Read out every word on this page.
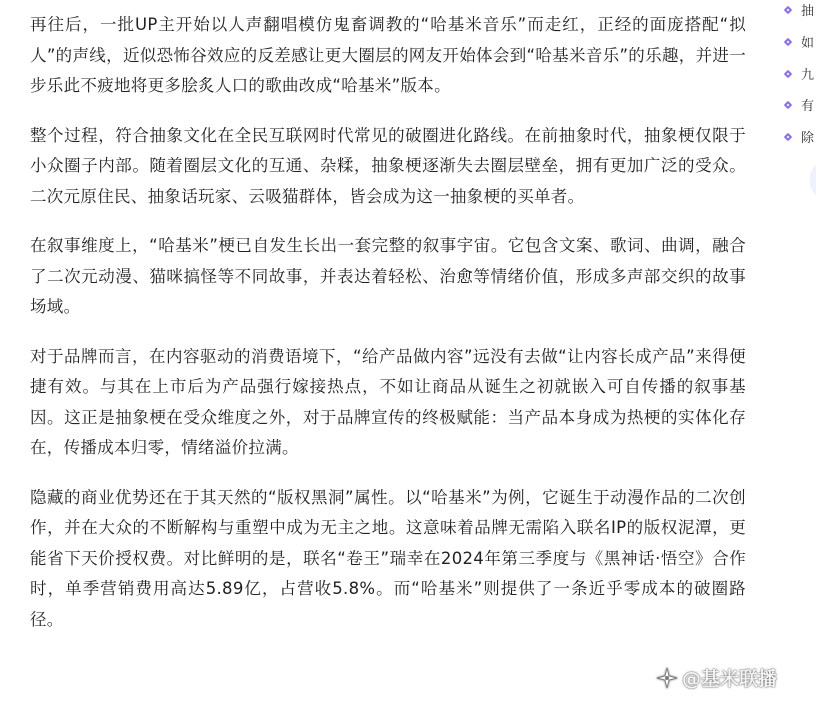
再往后，一批UP主开始以人声翻唱模仿鬼畜调教的“哈基米音乐”而走红，正经的面庞搭配“拟人”的声线，近似恐怖谷效应的反差感让更大圈层的网友开始体会到“哈基米音乐”的乐趣，并进一步乐此不疲地将更多脍炙人口的歌曲改成“哈基米”版本。

整个过程，符合抽象文化在全民互联网时代常见的破圈进化路线。在前抽象时代，抽象梗仅限于小众圈子内部。随着圈层文化的互通、杂糅，抽象梗逐渐失去圈层壁垒，拥有更加广泛的受众。二次元原住民、抽象话玩家、云吸猫群体，皆会成为这一抽象梗的买单者。

在叙事维度上，“哈基米”梗已自发生长出一套完整的叙事宇宙。它包含文案、歌词、曲调，融合了二次元动漫、猫咪搞怪等不同故事，并表达着轻松、治愈等情绪价值，形成多声部交织的故事场域。

对于品牌而言，在内容驱动的消费语境下，“给产品做内容”远没有去做“让内容长成产品”来得便捷有效。与其在上市后为产品强行嫁接热点，不如让商品从诞生之初就嵌入可自传播的叙事基因。这正是抽象梗在受众维度之外，对于品牌宣传的终极赋能：当产品本身成为热梗的实体化存在，传播成本归零，情绪溢价拉满。

隐藏的商业优势还在于其天然的“版权黑洞”属性。以“哈基米”为例，它诞生于动漫作品的二次创作，并在大众的不断解构与重塑中成为无主之地。这意味着品牌无需陷入联名IP的版权泥潭，更能省下天价授权费。对比鲜明的是，联名“卷王”瑞幸在2024年第三季度与《黑神话·悟空》合作时，单季营销费用高达5.89亿，占营收5.8%。而“哈基米”则提供了一条近乎零成本的破圈路径。

抽
如
九
有
除
@基米联播
